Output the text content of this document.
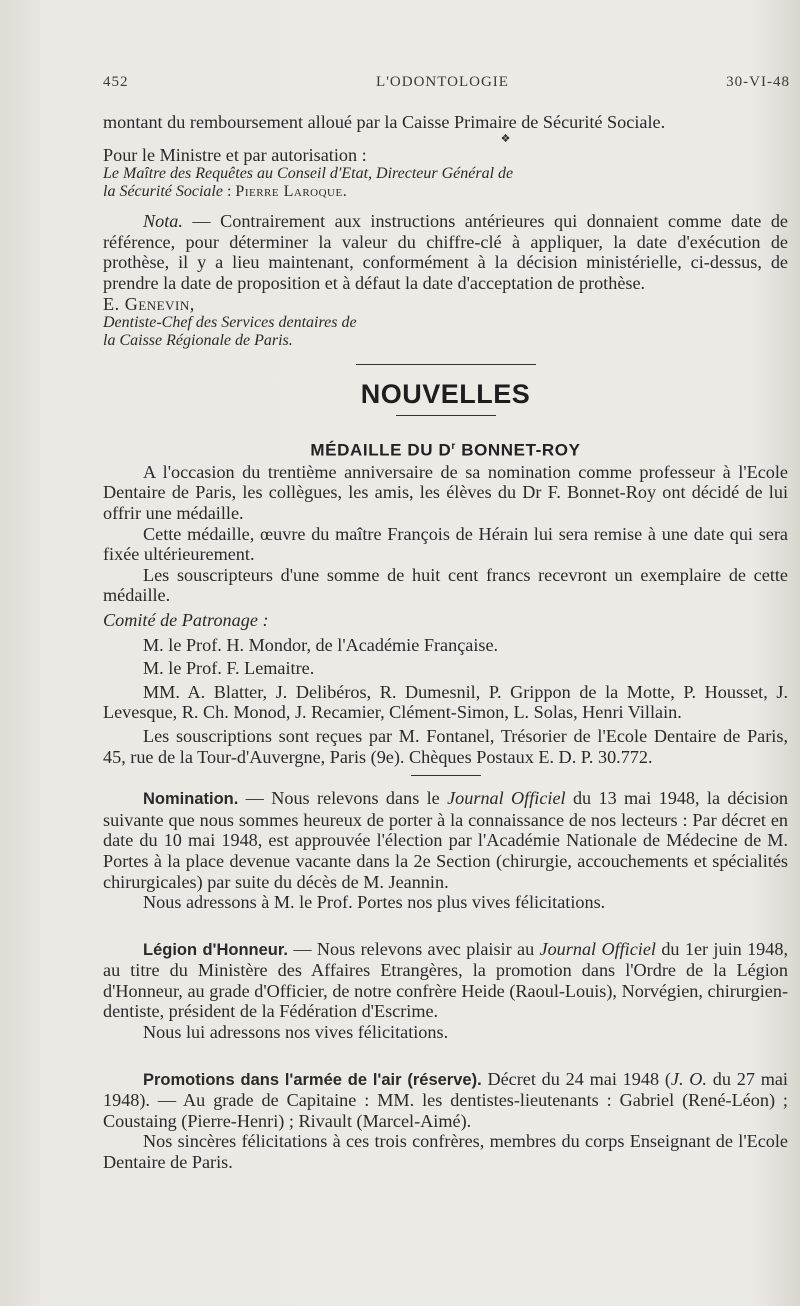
452	L'ODONTOLOGIE	30-VI-48

montant du remboursement alloué par la Caisse Primaire de Sécurité Sociale.

❖

Pour le Ministre et par autorisation :

Le Maître des Requêtes au Conseil d'Etat, Directeur Général de

la Sécurité Sociale : Pierre Laroque.

Nota. — Contrairement aux instructions antérieures qui donnaient comme date de référence, pour déterminer la valeur du chiffre-clé à appliquer, la date d'exécution de prothèse, il y a lieu maintenant, conformément à la décision ministérielle, ci-dessus, de prendre la date de proposition et à défaut la date d'acceptation de prothèse.

E. Genevin,

Dentiste-Chef des Services dentaires de

la Caisse Régionale de Paris.

NOUVELLES
MÉDAILLE DU $D^r$ BONNET-ROY

A l'occasion du trentième anniversaire de sa nomination comme professeur à l'Ecole Dentaire de Paris, les collègues, les amis, les élèves du Dr F. Bonnet-Roy ont décidé de lui offrir une médaille.

Cette médaille, œuvre du maître François de Hérain lui sera remise à une date qui sera fixée ultérieurement.

Les souscripteurs d'une somme de huit cent francs recevront un exemplaire de cette médaille.

Comité de Patronage :

M. le Prof. H. Mondor, de l'Académie Française.

M. le Prof. F. Lemaitre.

MM. A. Blatter, J. Delibéros, R. Dumesnil, P. Grippon de la Motte, P. Housset, J. Levesque, R. Ch. Monod, J. Recamier, Clément-Simon, L. Solas, Henri Villain.

Les souscriptions sont reçues par M. Fontanel, Trésorier de l'Ecole Dentaire de Paris, 45, rue de la Tour-d'Auvergne, Paris (9e). Chèques Postaux E. D. P. 30.772.

Nomination. — Nous relevons dans le Journal Officiel du 13 mai 1948, la décision suivante que nous sommes heureux de porter à la connaissance de nos lecteurs : Par décret en date du 10 mai 1948, est approuvée l'élection par l'Académie Nationale de Médecine de M. Portes à la place devenue vacante dans la 2e Section (chirurgie, accouchements et spécialités chirurgicales) par suite du décès de M. Jeannin.

Nous adressons à M. le Prof. Portes nos plus vives félicitations.

Légion d'Honneur. — Nous relevons avec plaisir au Journal Officiel du 1er juin 1948, au titre du Ministère des Affaires Etrangères, la promotion dans l'Ordre de la Légion d'Honneur, au grade d'Officier, de notre confrère Heide (Raoul-Louis), Norvégien, chirurgien-dentiste, président de la Fédération d'Escrime.

Nous lui adressons nos vives félicitations.

Promotions dans l'armée de l'air (réserve). Décret du 24 mai 1948 (J. O. du 27 mai 1948). — Au grade de Capitaine : MM. les dentistes-lieutenants : Gabriel (René-Léon) ; Coustaing (Pierre-Henri) ; Rivault (Marcel-Aimé).

Nos sincères félicitations à ces trois confrères, membres du corps Enseignant de l'Ecole Dentaire de Paris.
